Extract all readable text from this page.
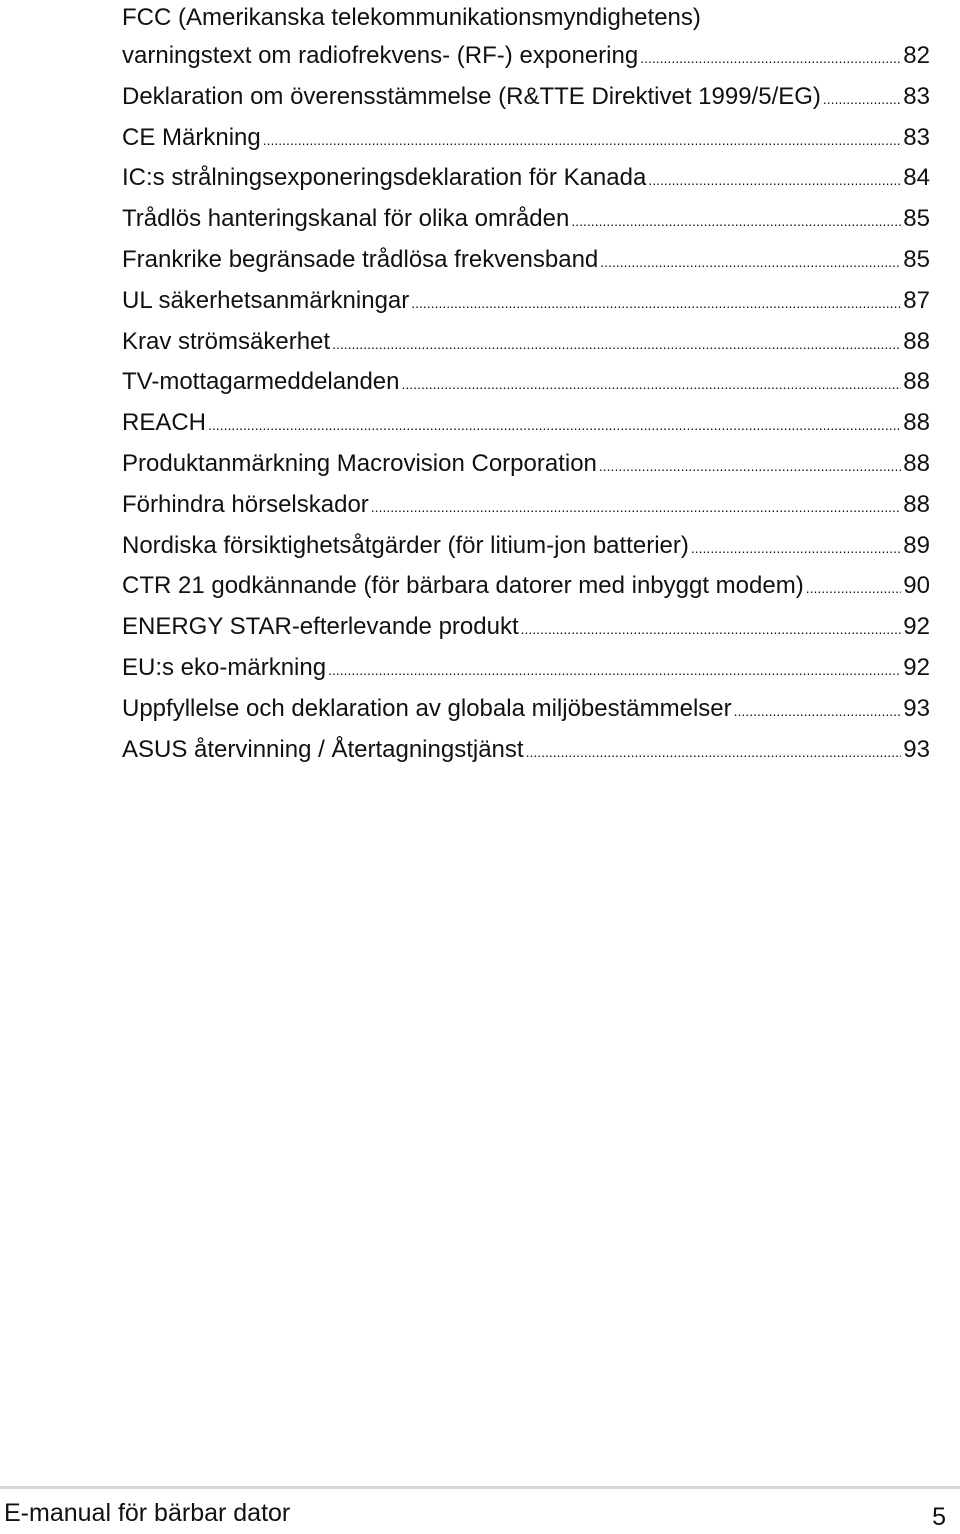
FCC (Amerikanska telekommunikationsmyndighetens)
varningstext om radiofrekvens- (RF-) exponering .....	82
Deklaration om överensstämmelse (R&TTE Direktivet 1999/5/EG) .....	83
CE Märkning .....	83
IC:s strålningsexponeringsdeklaration för Kanada .....	84
Trådlös hanteringskanal för olika områden .....	85
Frankrike begränsade trådlösa frekvensband .....	85
UL säkerhetsanmärkningar .....	87
Krav strömsäkerhet .....	88
TV-mottagarmeddelanden .....	88
REACH .....	88
Produktanmärkning Macrovision Corporation .....	88
Förhindra hörselskador .....	88
Nordiska försiktighetsåtgärder (för litium-jon batterier) .....	89
CTR 21 godkännande (för bärbara datorer med inbyggt modem) .....	90
ENERGY STAR-efterlevande produkt .....	92
EU:s eko-märkning .....	92
Uppfyllelse och deklaration av globala miljöbestämmelser .....	93
ASUS återvinning / Återtagningstjänst .....	93
E-manual för bärbar dator	5
